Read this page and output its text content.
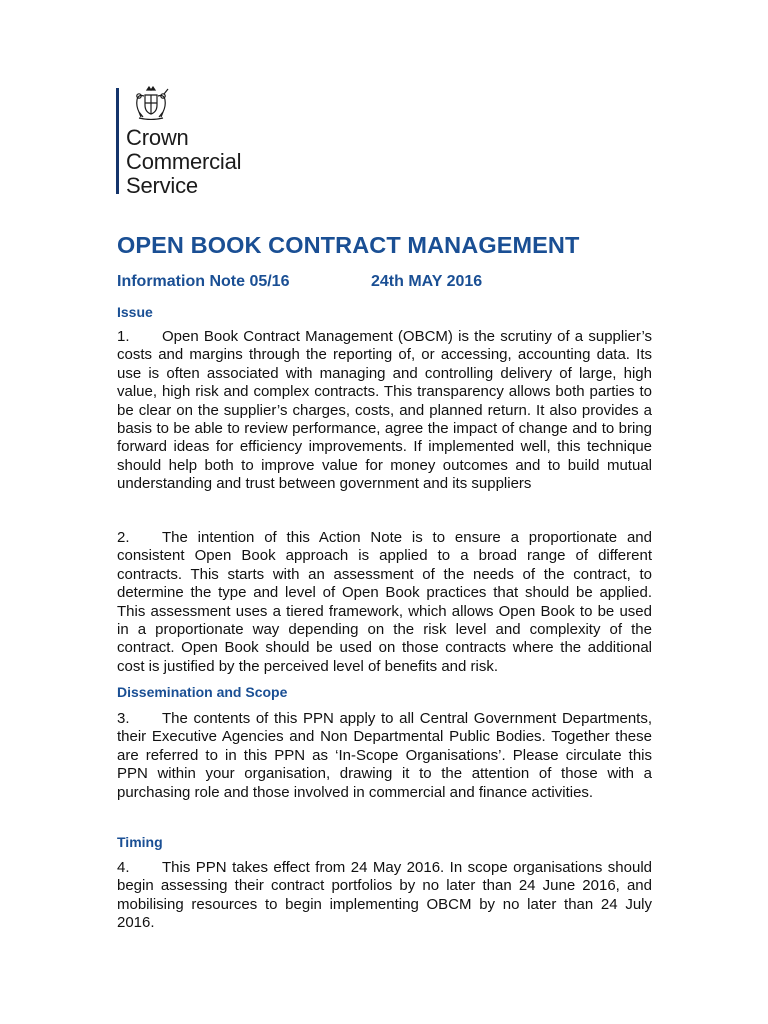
Crown
Commercial
Service
OPEN BOOK CONTRACT MANAGEMENT
Information Note 05/16	24th MAY 2016
Issue

1. Open Book Contract Management (OBCM) is the scrutiny of a supplier’s costs and margins through the reporting of, or accessing, accounting data. Its use is often associated with managing and controlling delivery of large, high value, high risk and complex contracts. This transparency allows both parties to be clear on the supplier’s charges, costs, and planned return. It also provides a basis to be able to review performance, agree the impact of change and to bring forward ideas for efficiency improvements. If implemented well, this technique should help both to improve value for money outcomes and to build mutual understanding and trust between government and its suppliers

2. The intention of this Action Note is to ensure a proportionate and consistent Open Book approach is applied to a broad range of different contracts. This starts with an assessment of the needs of the contract, to determine the type and level of Open Book practices that should be applied. This assessment uses a tiered framework, which allows Open Book to be used in a proportionate way depending on the risk level and complexity of the contract. Open Book should be used on those contracts where the additional cost is justified by the perceived level of benefits and risk.

Dissemination and Scope

3. The contents of this PPN apply to all Central Government Departments, their Executive Agencies and Non Departmental Public Bodies. Together these are referred to in this PPN as ‘In-Scope Organisations’. Please circulate this PPN within your organisation, drawing it to the attention of those with a purchasing role and those involved in commercial and finance activities.

Timing

4. This PPN takes effect from 24 May 2016. In scope organisations should begin assessing their contract portfolios by no later than 24 June 2016, and mobilising resources to begin implementing OBCM by no later than 24 July 2016.
